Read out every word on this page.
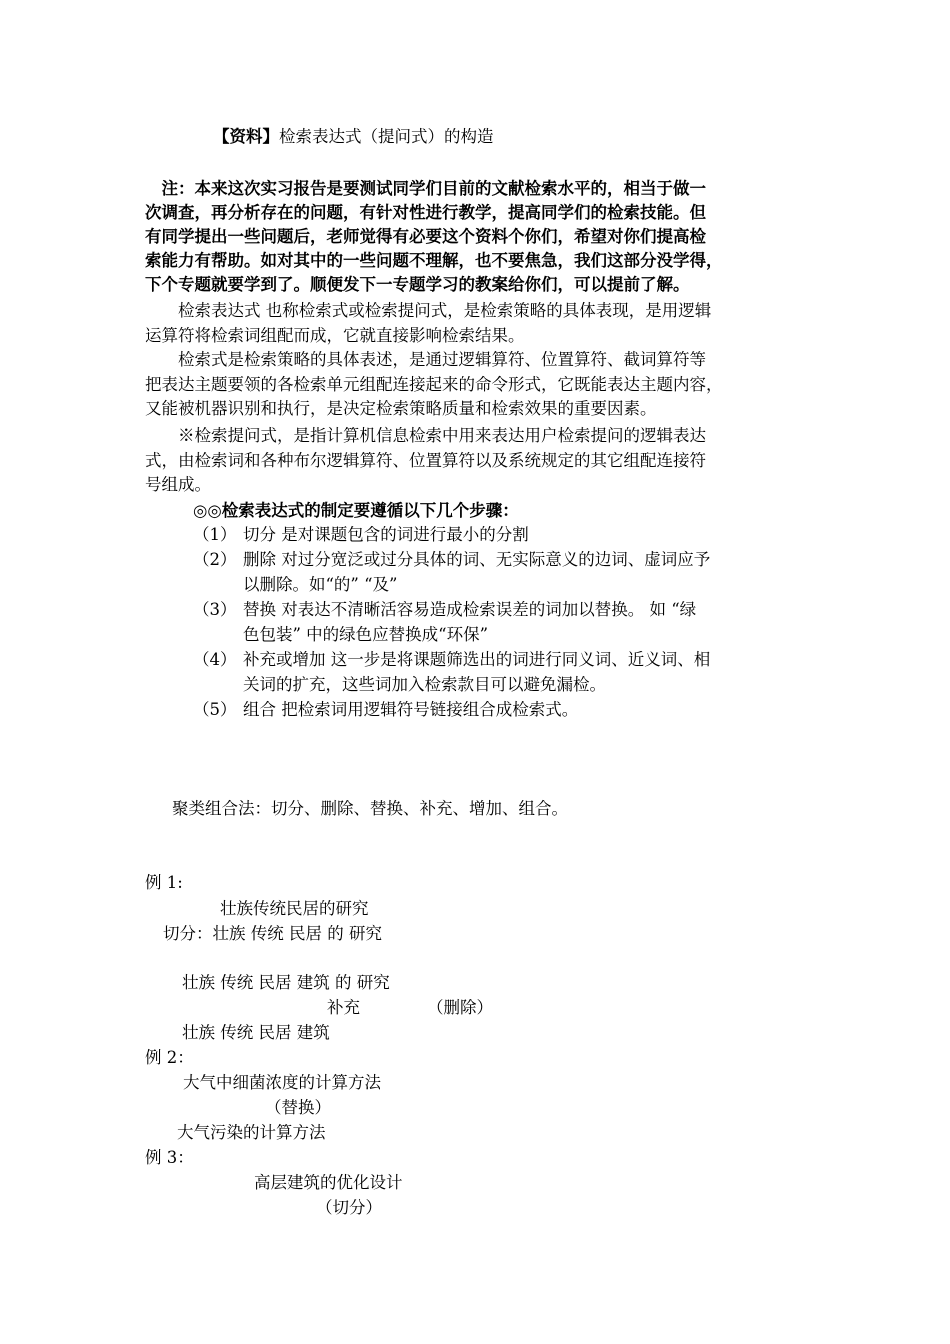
【资料】检索表达式（提问式）的构造
　注：本来这次实习报告是要测试同学们目前的文献检索水平的，相当于做一
次调查，再分析存在的问题，有针对性进行教学，提高同学们的检索技能。但
有同学提出一些问题后，老师觉得有必要这个资料个你们，希望对你们提高检
索能力有帮助。如对其中的一些问题不理解，也不要焦急，我们这部分没学得，
下个专题就要学到了。顺便发下一专题学习的教案给你们，可以提前了解。
　　检索表达式 也称检索式或检索提问式，是检索策略的具体表现，是用逻辑
运算符将检索词组配而成，它就直接影响检索结果。
　　检索式是检索策略的具体表述，是通过逻辑算符、位置算符、截词算符等
把表达主题要领的各检索单元组配连接起来的命令形式，它既能表达主题内容，
又能被机器识别和执行，是决定检索策略质量和检索效果的重要因素。
　　※检索提问式，是指计算机信息检索中用来表达用户检索提问的逻辑表达
式，由检索词和各种布尔逻辑算符、位置算符以及系统规定的其它组配连接符
号组成。
◎◎检索表达式的制定要遵循以下几个步骤：
（1） 切分 是对课题包含的词进行最小的分割
（2） 删除 对过分宽泛或过分具体的词、无实际意义的边词、虚词应予
以删除。如“的” “及”
（3） 替换 对表达不清晰活容易造成检索误差的词加以替换。 如 “绿
色包装” 中的绿色应替换成“环保”
（4） 补充或增加 这一步是将课题筛选出的词进行同义词、近义词、相
关词的扩充，这些词加入检索款目可以避免漏检。
（5） 组合 把检索词用逻辑符号链接组合成检索式。
聚类组合法：切分、删除、替换、补充、增加、组合。
例 1:
壮族传统民居的研究
切分：壮族 传统 民居 的 研究
壮族 传统 民居 建筑 的 研究
补充	（删除）
壮族 传统 民居 建筑
例 2：
大气中细菌浓度的计算方法
（替换）
大气污染的计算方法
例 3：
高层建筑的优化设计
（切分）
